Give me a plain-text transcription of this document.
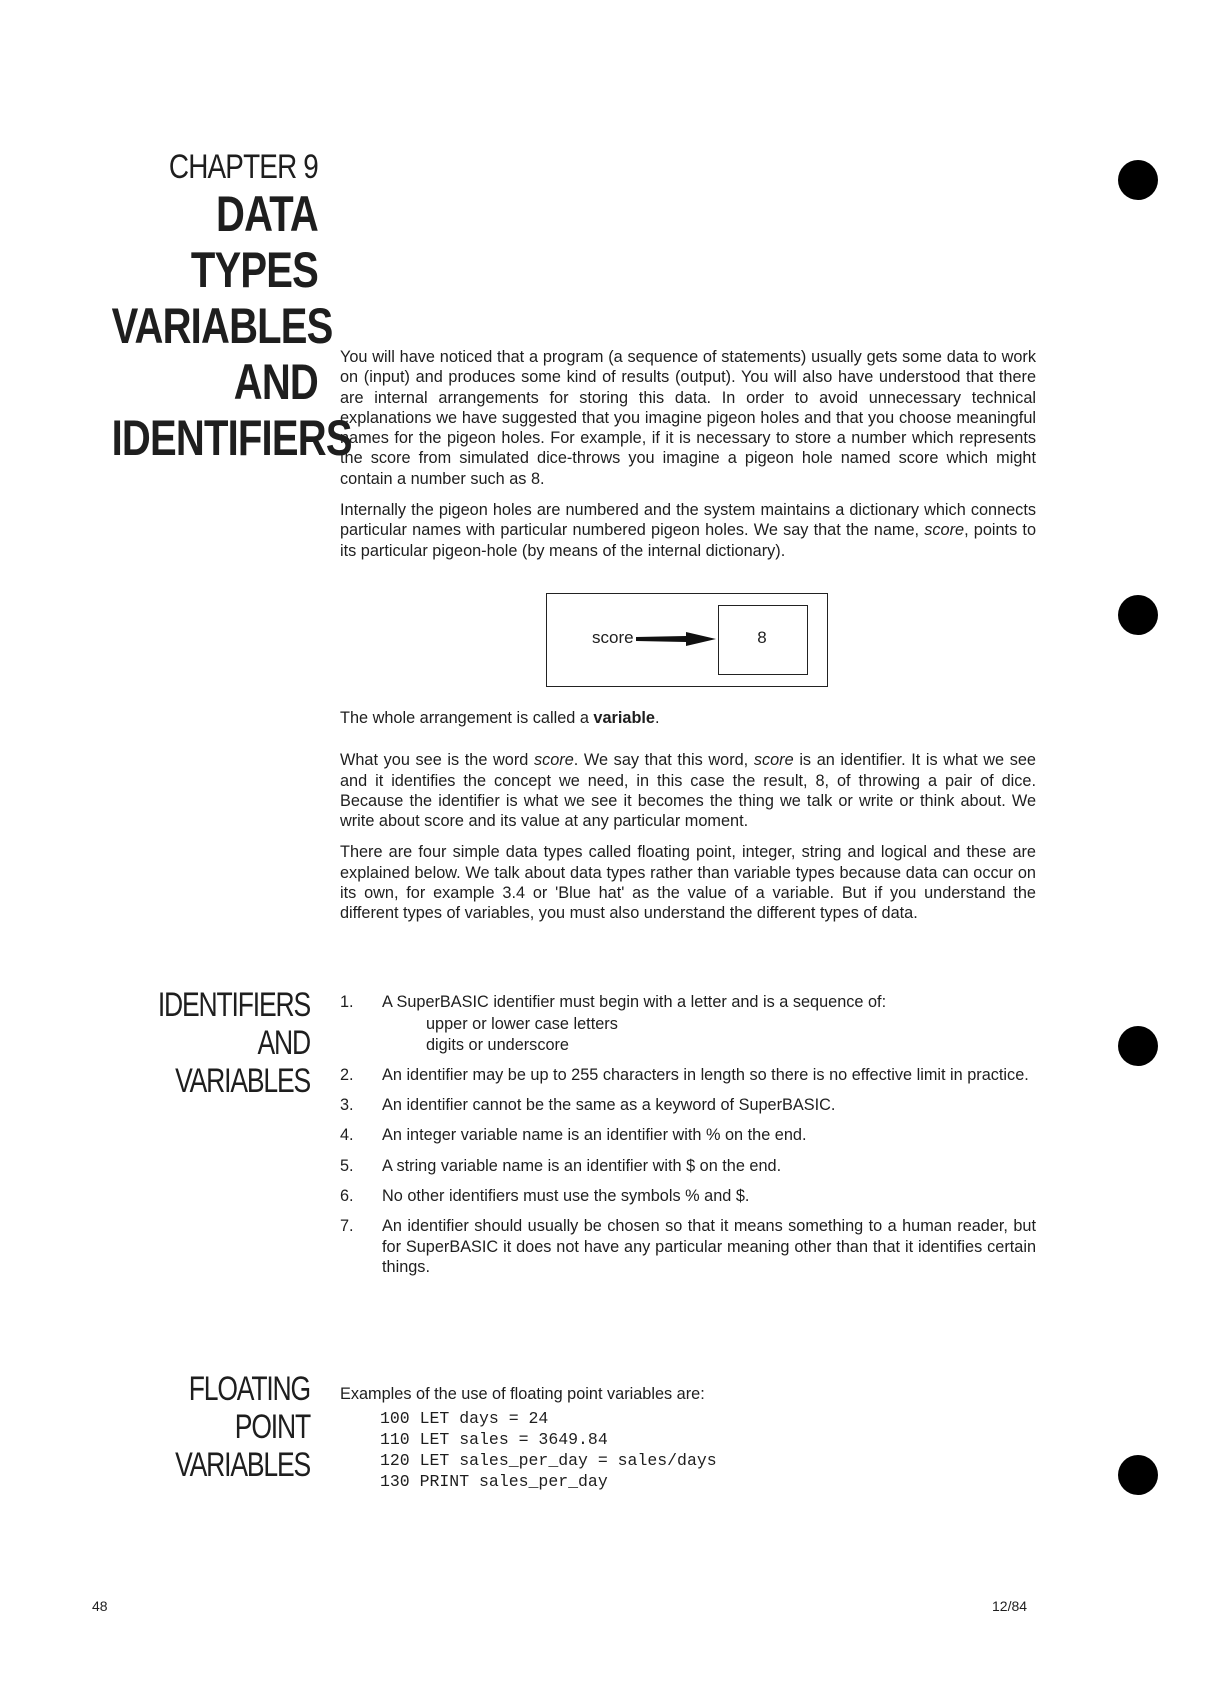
CHAPTER 9
DATA TYPES
VARIABLES
AND
IDENTIFIERS

You will have noticed that a program (a sequence of statements) usually gets some data to work on (input) and produces some kind of results (output). You will also have understood that there are internal arrangements for storing this data. In order to avoid unnecessary technical explanations we have suggested that you imagine pigeon holes and that you choose meaningful names for the pigeon holes. For example, if it is necessary to store a number which represents the score from simulated dice-throws you imagine a pigeon hole named score which might contain a number such as 8.

Internally the pigeon holes are numbered and the system maintains a dictionary which connects particular names with particular numbered pigeon holes. We say that the name, score, points to its particular pigeon-hole (by means of the internal dictionary).

score	8

The whole arrangement is called a variable.

What you see is the word score. We say that this word, score is an identifier. It is what we see and it identifies the concept we need, in this case the result, 8, of throwing a pair of dice. Because the identifier is what we see it becomes the thing we talk or write or think about. We write about score and its value at any particular moment.

There are four simple data types called floating point, integer, string and logical and these are explained below. We talk about data types rather than variable types because data can occur on its own, for example 3.4 or 'Blue hat' as the value of a variable. But if you understand the different types of variables, you must also understand the different types of data.

IDENTIFIERS AND
VARIABLES
1. A SuperBASIC identifier must begin with a letter and is a sequence of:
upper or lower case letters
digits or underscore
2. An identifier may be up to 255 characters in length so there is no effective limit in practice.
3. An identifier cannot be the same as a keyword of SuperBASIC.
4. An integer variable name is an identifier with % on the end.
5. A string variable name is an identifier with $ on the end.
6. No other identifiers must use the symbols % and $.
7. An identifier should usually be chosen so that it means something to a human reader, but for SuperBASIC it does not have any particular meaning other than that it identifies certain things.
FLOATING POINT
VARIABLES
Examples of the use of floating point variables are:
100 LET days = 24
110 LET sales = 3649.84
120 LET sales_per_day = sales/days
130 PRINT sales_per_day
48	12/84
